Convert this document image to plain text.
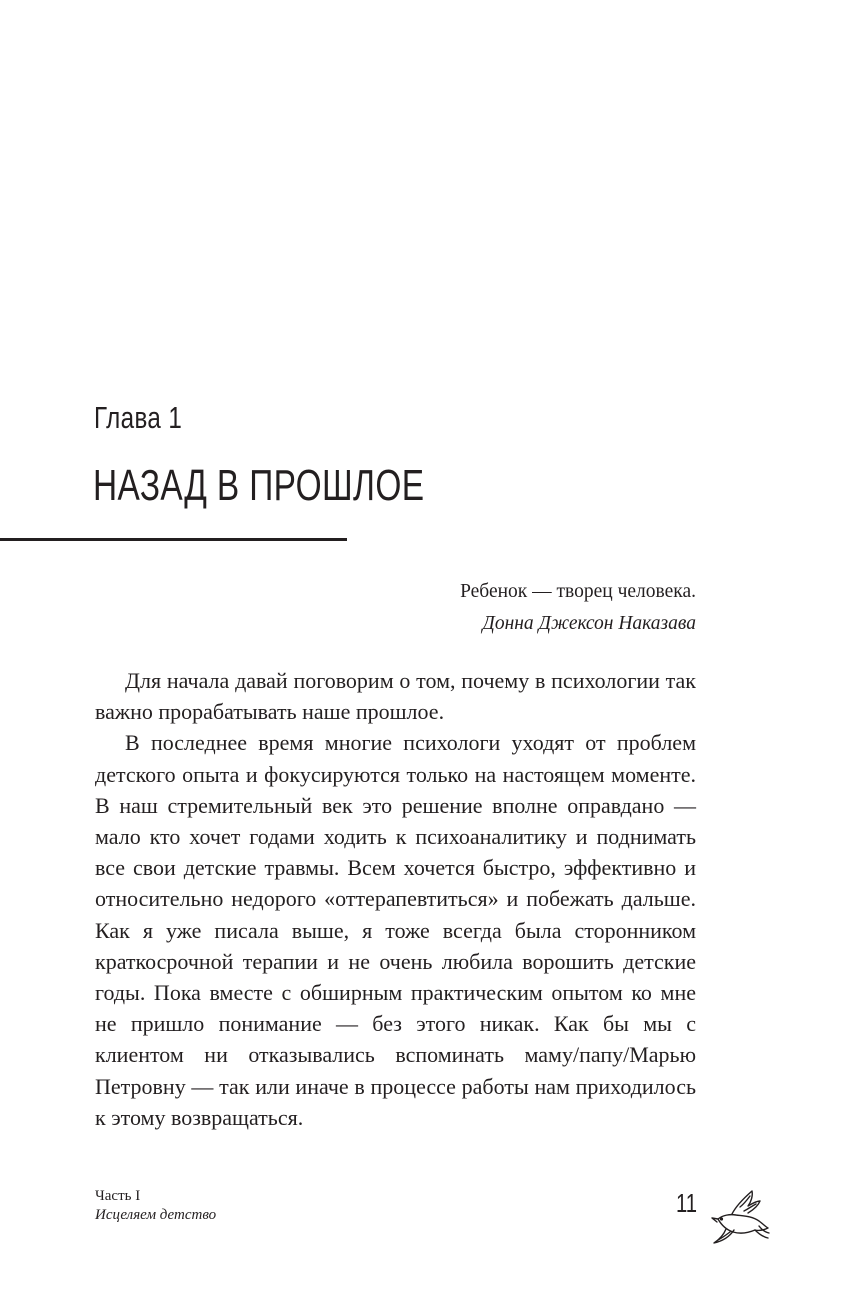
Глава 1
НАЗАД В ПРОШЛОЕ
Ребенок — творец человека.
Донна Джексон Наказава

Для начала давай поговорим о том, почему в психологии так важно прорабатывать наше прошлое.

В последнее время многие психологи уходят от проблем детского опыта и фокусируются только на настоящем моменте. В наш стремительный век это решение вполне оправдано — мало кто хочет годами ходить к психоаналитику и поднимать все свои детские травмы. Всем хочется быстро, эффективно и относительно недорого «оттерапевтиться» и побежать дальше. Как я уже писала выше, я тоже всегда была сторонником краткосрочной терапии и не очень любила ворошить детские годы. Пока вместе с обширным практическим опытом ко мне не пришло понимание — без этого никак. Как бы мы с клиентом ни отказывались вспоминать маму/папу/Марью Петровну — так или иначе в процессе работы нам приходилось к этому возвращаться.

Часть I
Исцеляем детство	11
